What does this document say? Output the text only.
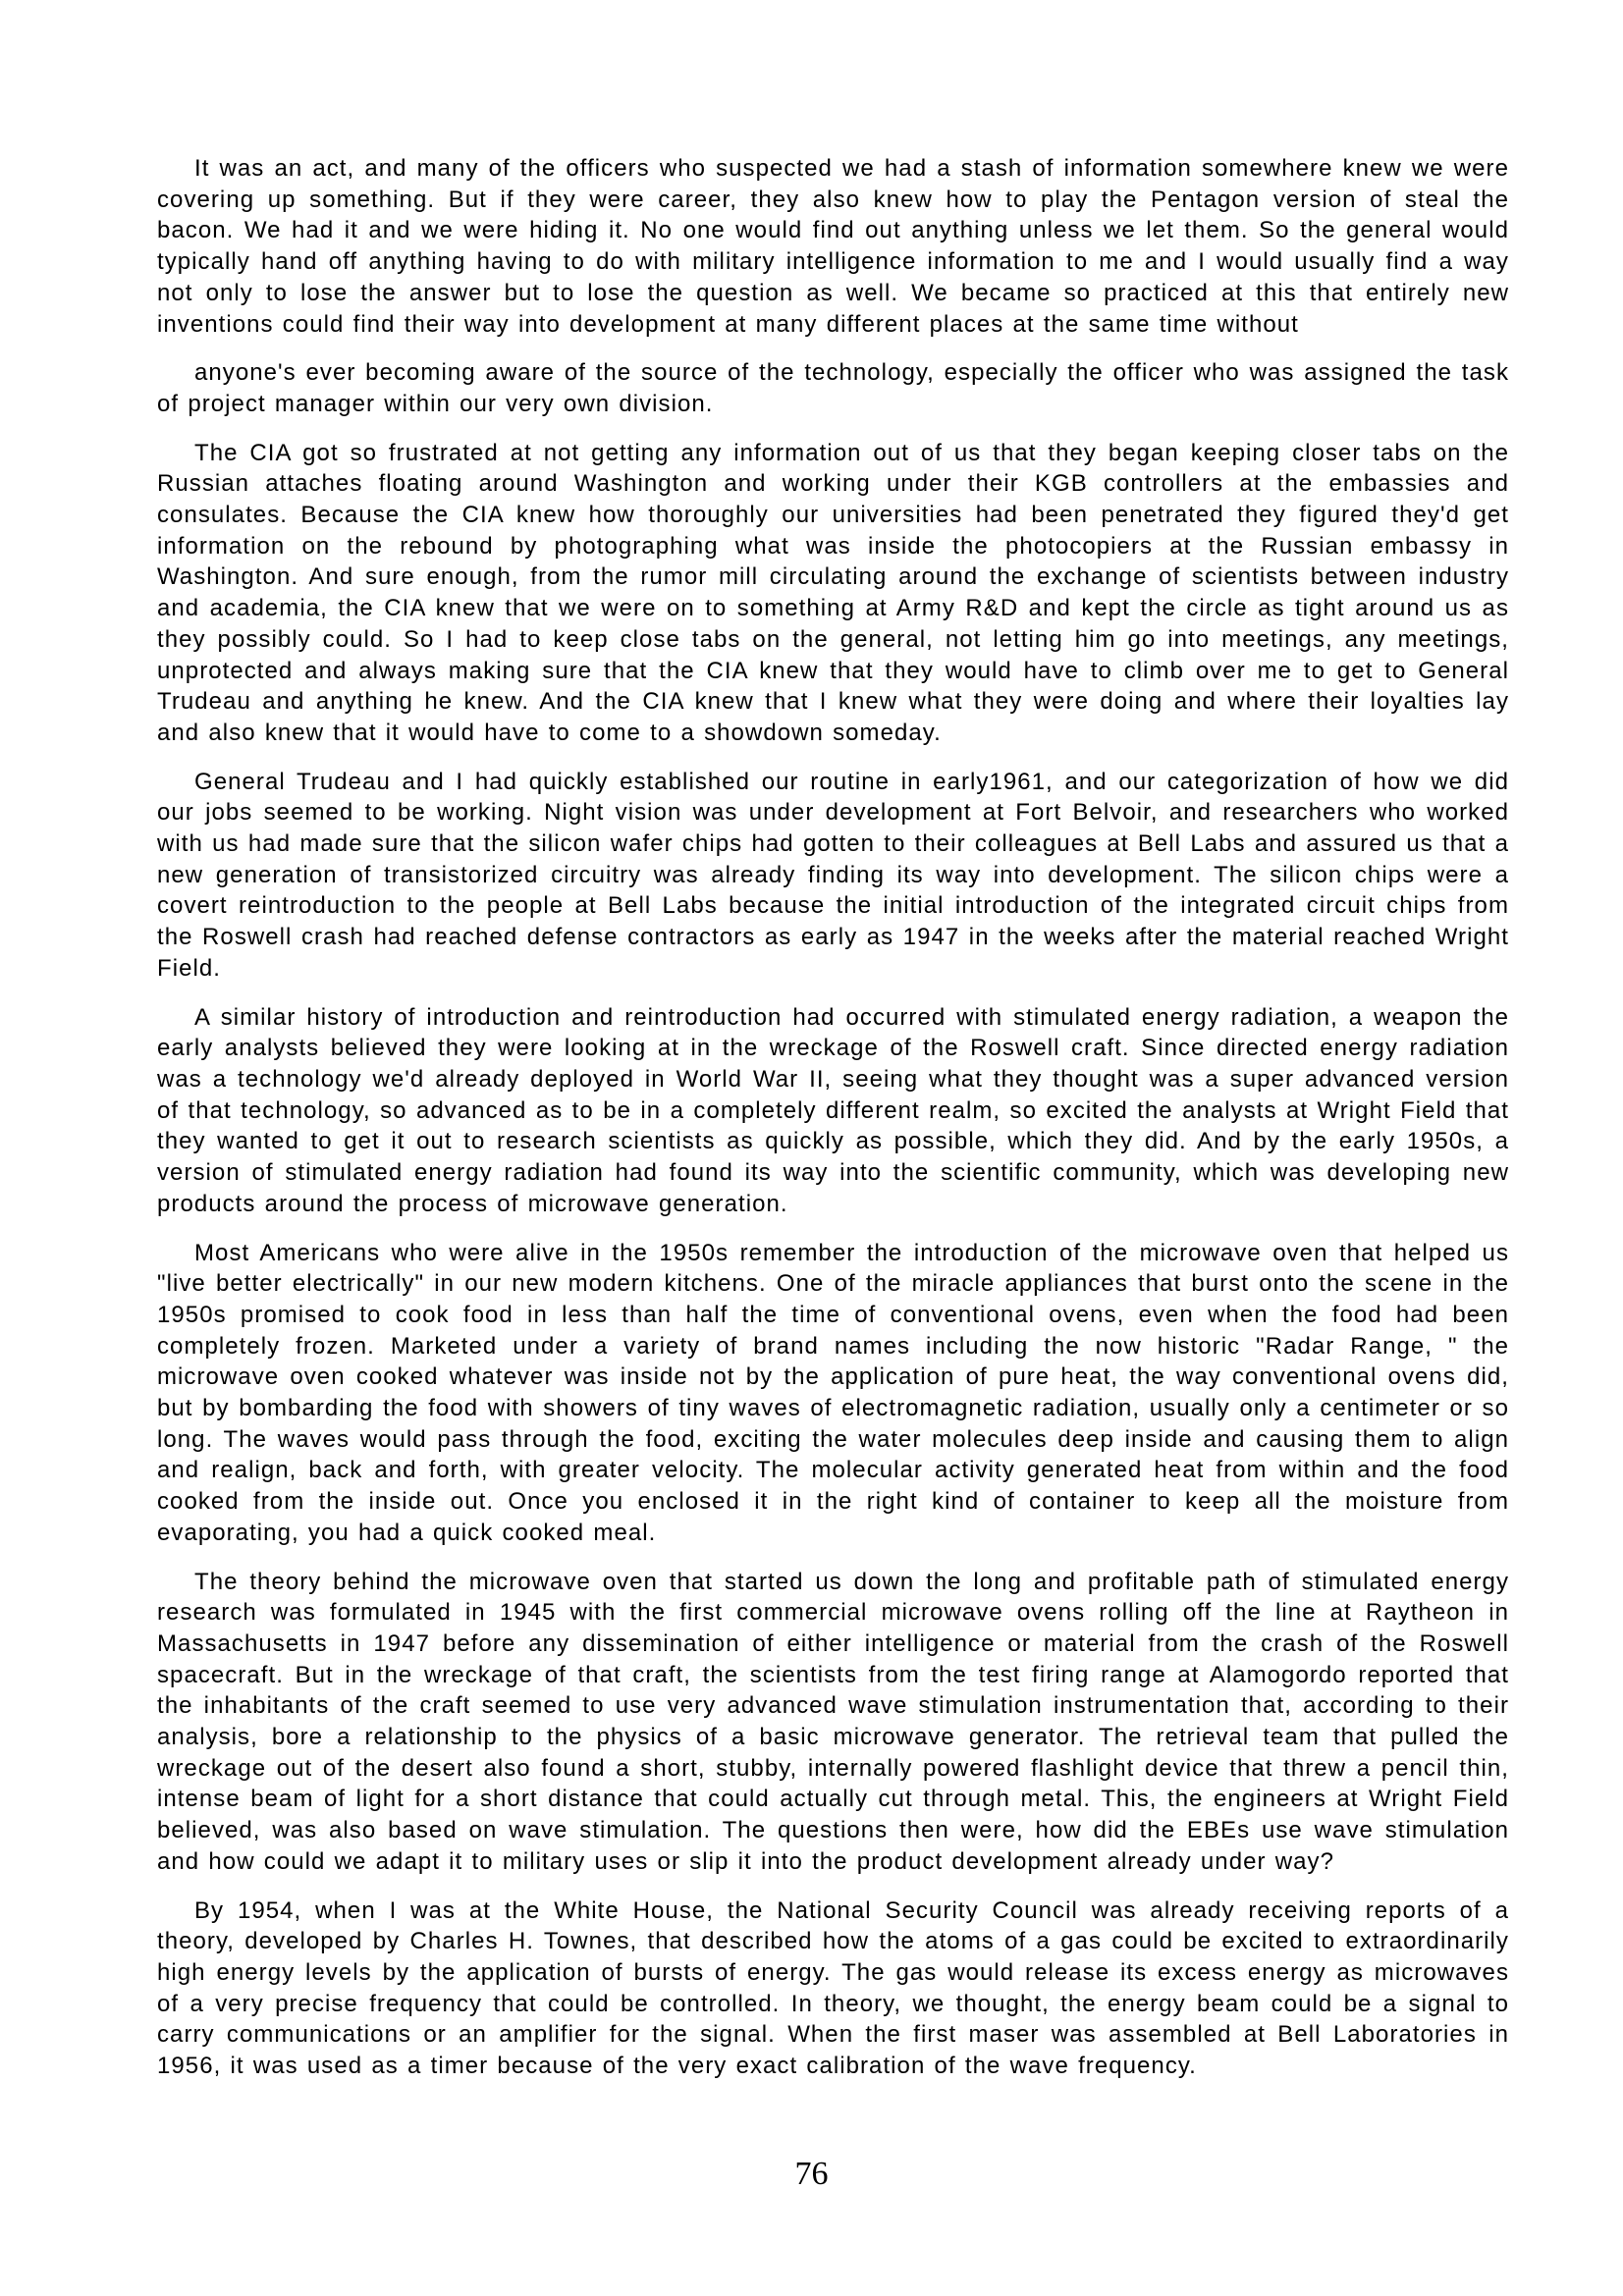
It was an act, and many of the officers who suspected we had a stash of information somewhere knew we were covering up something. But if they were career, they also knew how to play the Pentagon version of steal the bacon. We had it and we were hiding it. No one would find out anything unless we let them. So the general would typically hand off anything having to do with military intelligence information to me and I would usually find a way not only to lose the answer but to lose the question as well. We became so practiced at this that entirely new inventions could find their way into development at many different places at the same time without

anyone's ever becoming aware of the source of the technology, especially the officer who was assigned the task of project manager within our very own division.

The CIA got so frustrated at not getting any information out of us that they began keeping closer tabs on the Russian attaches floating around Washington and working under their KGB controllers at the embassies and consulates. Because the CIA knew how thoroughly our universities had been penetrated they figured they'd get information on the rebound by photographing what was inside the photocopiers at the Russian embassy in Washington. And sure enough, from the rumor mill circulating around the exchange of scientists between industry and academia, the CIA knew that we were on to something at Army R&D and kept the circle as tight around us as they possibly could. So I had to keep close tabs on the general, not letting him go into meetings, any meetings, unprotected and always making sure that the CIA knew that they would have to climb over me to get to General Trudeau and anything he knew. And the CIA knew that I knew what they were doing and where their loyalties lay and also knew that it would have to come to a showdown someday.

General Trudeau and I had quickly established our routine in early1961, and our categorization of how we did our jobs seemed to be working. Night vision was under development at Fort Belvoir, and researchers who worked with us had made sure that the silicon wafer chips had gotten to their colleagues at Bell Labs and assured us that a new generation of transistorized circuitry was already finding its way into development. The silicon chips were a covert reintroduction to the people at Bell Labs because the initial introduction of the integrated circuit chips from the Roswell crash had reached defense contractors as early as 1947 in the weeks after the material reached Wright Field.

A similar history of introduction and reintroduction had occurred with stimulated energy radiation, a weapon the early analysts believed they were looking at in the wreckage of the Roswell craft. Since directed energy radiation was a technology we'd already deployed in World War II, seeing what they thought was a super advanced version of that technology, so advanced as to be in a completely different realm, so excited the analysts at Wright Field that they wanted to get it out to research scientists as quickly as possible, which they did. And by the early 1950s, a version of stimulated energy radiation had found its way into the scientific community, which was developing new products around the process of microwave generation.

Most Americans who were alive in the 1950s remember the introduction of the microwave oven that helped us "live better electrically" in our new modern kitchens. One of the miracle appliances that burst onto the scene in the 1950s promised to cook food in less than half the time of conventional ovens, even when the food had been completely frozen. Marketed under a variety of brand names including the now historic "Radar Range, " the microwave oven cooked whatever was inside not by the application of pure heat, the way conventional ovens did, but by bombarding the food with showers of tiny waves of electromagnetic radiation, usually only a centimeter or so long. The waves would pass through the food, exciting the water molecules deep inside and causing them to align and realign, back and forth, with greater velocity. The molecular activity generated heat from within and the food cooked from the inside out. Once you enclosed it in the right kind of container to keep all the moisture from evaporating, you had a quick cooked meal.

The theory behind the microwave oven that started us down the long and profitable path of stimulated energy research was formulated in 1945 with the first commercial microwave ovens rolling off the line at Raytheon in Massachusetts in 1947 before any dissemination of either intelligence or material from the crash of the Roswell spacecraft. But in the wreckage of that craft, the scientists from the test firing range at Alamogordo reported that the inhabitants of the craft seemed to use very advanced wave stimulation instrumentation that, according to their analysis, bore a relationship to the physics of a basic microwave generator. The retrieval team that pulled the wreckage out of the desert also found a short, stubby, internally powered flashlight device that threw a pencil thin, intense beam of light for a short distance that could actually cut through metal. This, the engineers at Wright Field believed, was also based on wave stimulation. The questions then were, how did the EBEs use wave stimulation and how could we adapt it to military uses or slip it into the product development already under way?

By 1954, when I was at the White House, the National Security Council was already receiving reports of a theory, developed by Charles H. Townes, that described how the atoms of a gas could be excited to extraordinarily high energy levels by the application of bursts of energy. The gas would release its excess energy as microwaves of a very precise frequency that could be controlled. In theory, we thought, the energy beam could be a signal to carry communications or an amplifier for the signal. When the first maser was assembled at Bell Laboratories in 1956, it was used as a timer because of the very exact calibration of the wave frequency.

76
